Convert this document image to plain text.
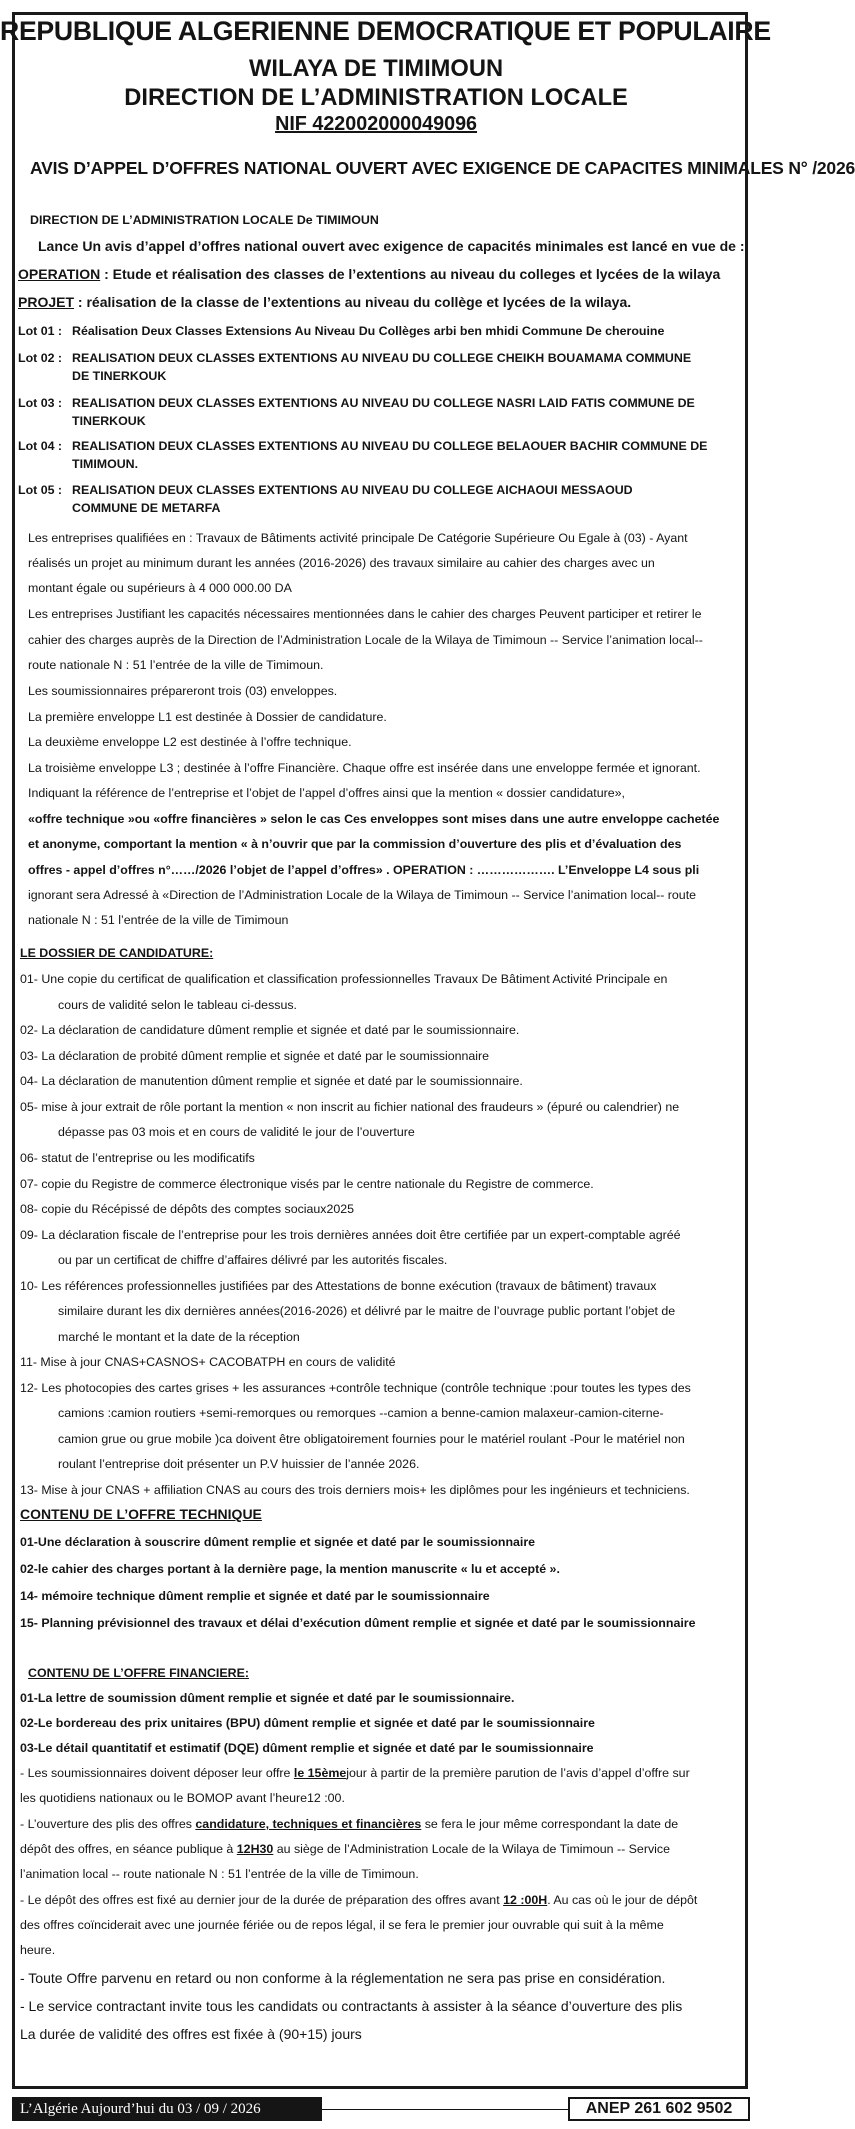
REPUBLIQUE ALGERIENNE DEMOCRATIQUE ET POPULAIRE
WILAYA DE TIMIMOUN
DIRECTION DE L’ADMINISTRATION LOCALE
NIF 422002000049096
AVIS D’APPEL D’OFFRES NATIONAL OUVERT AVEC EXIGENCE DE CAPACITES MINIMALES N° /2026
DIRECTION DE L’ADMINISTRATION LOCALE De TIMIMOUN
Lance Un avis d’appel d’offres national ouvert avec exigence de capacités minimales est lancé en vue de :
OPERATION : Etude et réalisation des classes de l’extentions au niveau du colleges et lycées de la wilaya
PROJET : réalisation de la classe de l’extentions au niveau du collège et lycées de la wilaya.
Lot 01 : Réalisation Deux Classes Extensions Au Niveau Du Collèges arbi ben mhidi Commune De cherouine
Lot 02 : REALISATION DEUX CLASSES EXTENTIONS AU NIVEAU DU COLLEGE CHEIKH BOUAMAMA COMMUNE
DE TINERKOUK
Lot 03 : REALISATION DEUX CLASSES EXTENTIONS AU NIVEAU DU COLLEGE NASRI LAID FATIS COMMUNE DE
TINERKOUK
Lot 04 : REALISATION DEUX CLASSES EXTENTIONS AU NIVEAU DU COLLEGE BELAOUER BACHIR COMMUNE DE
TIMIMOUN.
Lot 05 : REALISATION DEUX CLASSES EXTENTIONS AU NIVEAU DU COLLEGE AICHAOUI MESSAOUD
COMMUNE DE METARFA
Les entreprises qualifiées en : Travaux de Bâtiments activité principale De Catégorie Supérieure Ou Egale à (03) - Ayant
réalisés un projet au minimum durant les années (2016-2026) des travaux similaire au cahier des charges avec un
montant égale ou supérieurs à 4 000 000.00 DA
Les entreprises Justifiant les capacités nécessaires mentionnées dans le cahier des charges Peuvent participer et retirer le
cahier des charges auprès de la Direction de l’Administration Locale de la Wilaya de Timimoun -- Service l’animation local--
route nationale N : 51 l’entrée de la ville de Timimoun.
Les soumissionnaires prépareront trois (03) enveloppes.
La première enveloppe L1 est destinée à Dossier de candidature.
La deuxième enveloppe L2 est destinée à l’offre technique.
La troisième enveloppe L3 ; destinée à l’offre Financière. Chaque offre est insérée dans une enveloppe fermée et ignorant.
Indiquant la référence de l’entreprise et l’objet de l’appel d’offres ainsi que la mention « dossier candidature»,
«offre technique »ou «offre financières » selon le cas Ces enveloppes sont mises dans une autre enveloppe cachetée
et anonyme, comportant la mention « à n’ouvrir que par la commission d’ouverture des plis et d’évaluation des
offres - appel d’offres n°……/2026 l’objet de l’appel d’offres» . OPERATION : ………………. L’Enveloppe L4 sous pli
ignorant sera Adressé à «Direction de l’Administration Locale de la Wilaya de Timimoun -- Service l’animation local-- route
nationale N : 51 l’entrée de la ville de Timimoun
LE DOSSIER DE CANDIDATURE:
01- Une copie du certificat de qualification et classification professionnelles Travaux De Bâtiment Activité Principale en
cours de validité selon le tableau ci-dessus.
02- La déclaration de candidature dûment remplie et signée et daté par le soumissionnaire.
03- La déclaration de probité dûment remplie et signée et daté par le soumissionnaire
04- La déclaration de manutention dûment remplie et signée et daté par le soumissionnaire.
05- mise à jour extrait de rôle portant la mention « non inscrit au fichier national des fraudeurs » (épuré ou calendrier) ne
dépasse pas 03 mois et en cours de validité le jour de l’ouverture
06- statut de l’entreprise ou les modificatifs
07- copie du Registre de commerce électronique visés par le centre nationale du Registre de commerce.
08- copie du Récépissé de dépôts des comptes sociaux2025
09- La déclaration fiscale de l’entreprise pour les trois dernières années doit être certifiée par un expert-comptable agréé
ou par un certificat de chiffre d’affaires délivré par les autorités fiscales.
10- Les références professionnelles justifiées par des Attestations de bonne exécution (travaux de bâtiment) travaux
similaire durant les dix dernières années(2016-2026) et délivré par le maitre de l’ouvrage public portant l’objet de
marché le montant et la date de la réception
11- Mise à jour CNAS+CASNOS+ CACOBATPH en cours de validité
12- Les photocopies des cartes grises + les assurances +contrôle technique (contrôle technique :pour toutes les types des
camions :camion routiers +semi-remorques ou remorques --camion a benne-camion malaxeur-camion-citerne-
camion grue ou grue mobile )ca doivent être obligatoirement fournies pour le matériel roulant -Pour le matériel non
roulant l’entreprise doit présenter un P.V huissier de l’année 2026.
13- Mise à jour CNAS + affiliation CNAS au cours des trois derniers mois+ les diplômes pour les ingénieurs et techniciens.
CONTENU DE L’OFFRE TECHNIQUE
01-Une déclaration à souscrire dûment remplie et signée et daté par le soumissionnaire
02-le cahier des charges portant à la dernière page, la mention manuscrite « lu et accepté ».
14- mémoire technique dûment remplie et signée et daté par le soumissionnaire
15- Planning prévisionnel des travaux et délai d’exécution dûment remplie et signée et daté par le soumissionnaire
CONTENU DE L’OFFRE FINANCIERE:
01-La lettre de soumission dûment remplie et signée et daté par le soumissionnaire.
02-Le bordereau des prix unitaires (BPU) dûment remplie et signée et daté par le soumissionnaire
03-Le détail quantitatif et estimatif (DQE) dûment remplie et signée et daté par le soumissionnaire
- Les soumissionnaires doivent déposer leur offre le 15èmejour à partir de la première parution de l’avis d’appel d’offre sur
les quotidiens nationaux ou le BOMOP avant l’heure12 :00.
- L’ouverture des plis des offres candidature, techniques et financières se fera le jour même correspondant la date de
dépôt des offres, en séance publique à 12H30 au siège de l’Administration Locale de la Wilaya de Timimoun -- Service
l’animation local -- route nationale N : 51 l’entrée de la ville de Timimoun.
- Le dépôt des offres est fixé au dernier jour de la durée de préparation des offres avant 12 :00H. Au cas où le jour de dépôt
des offres coïnciderait avec une journée fériée ou de repos légal, il se fera le premier jour ouvrable qui suit à la même
heure.
- Toute Offre parvenu en retard ou non conforme à la réglementation ne sera pas prise en considération.
- Le service contractant invite tous les candidats ou contractants à assister à la séance d’ouverture des plis
La durée de validité des offres est fixée à (90+15) jours
L’Algérie Aujourd’hui du 03 / 09 / 2026	ANEP 261 602 9502
